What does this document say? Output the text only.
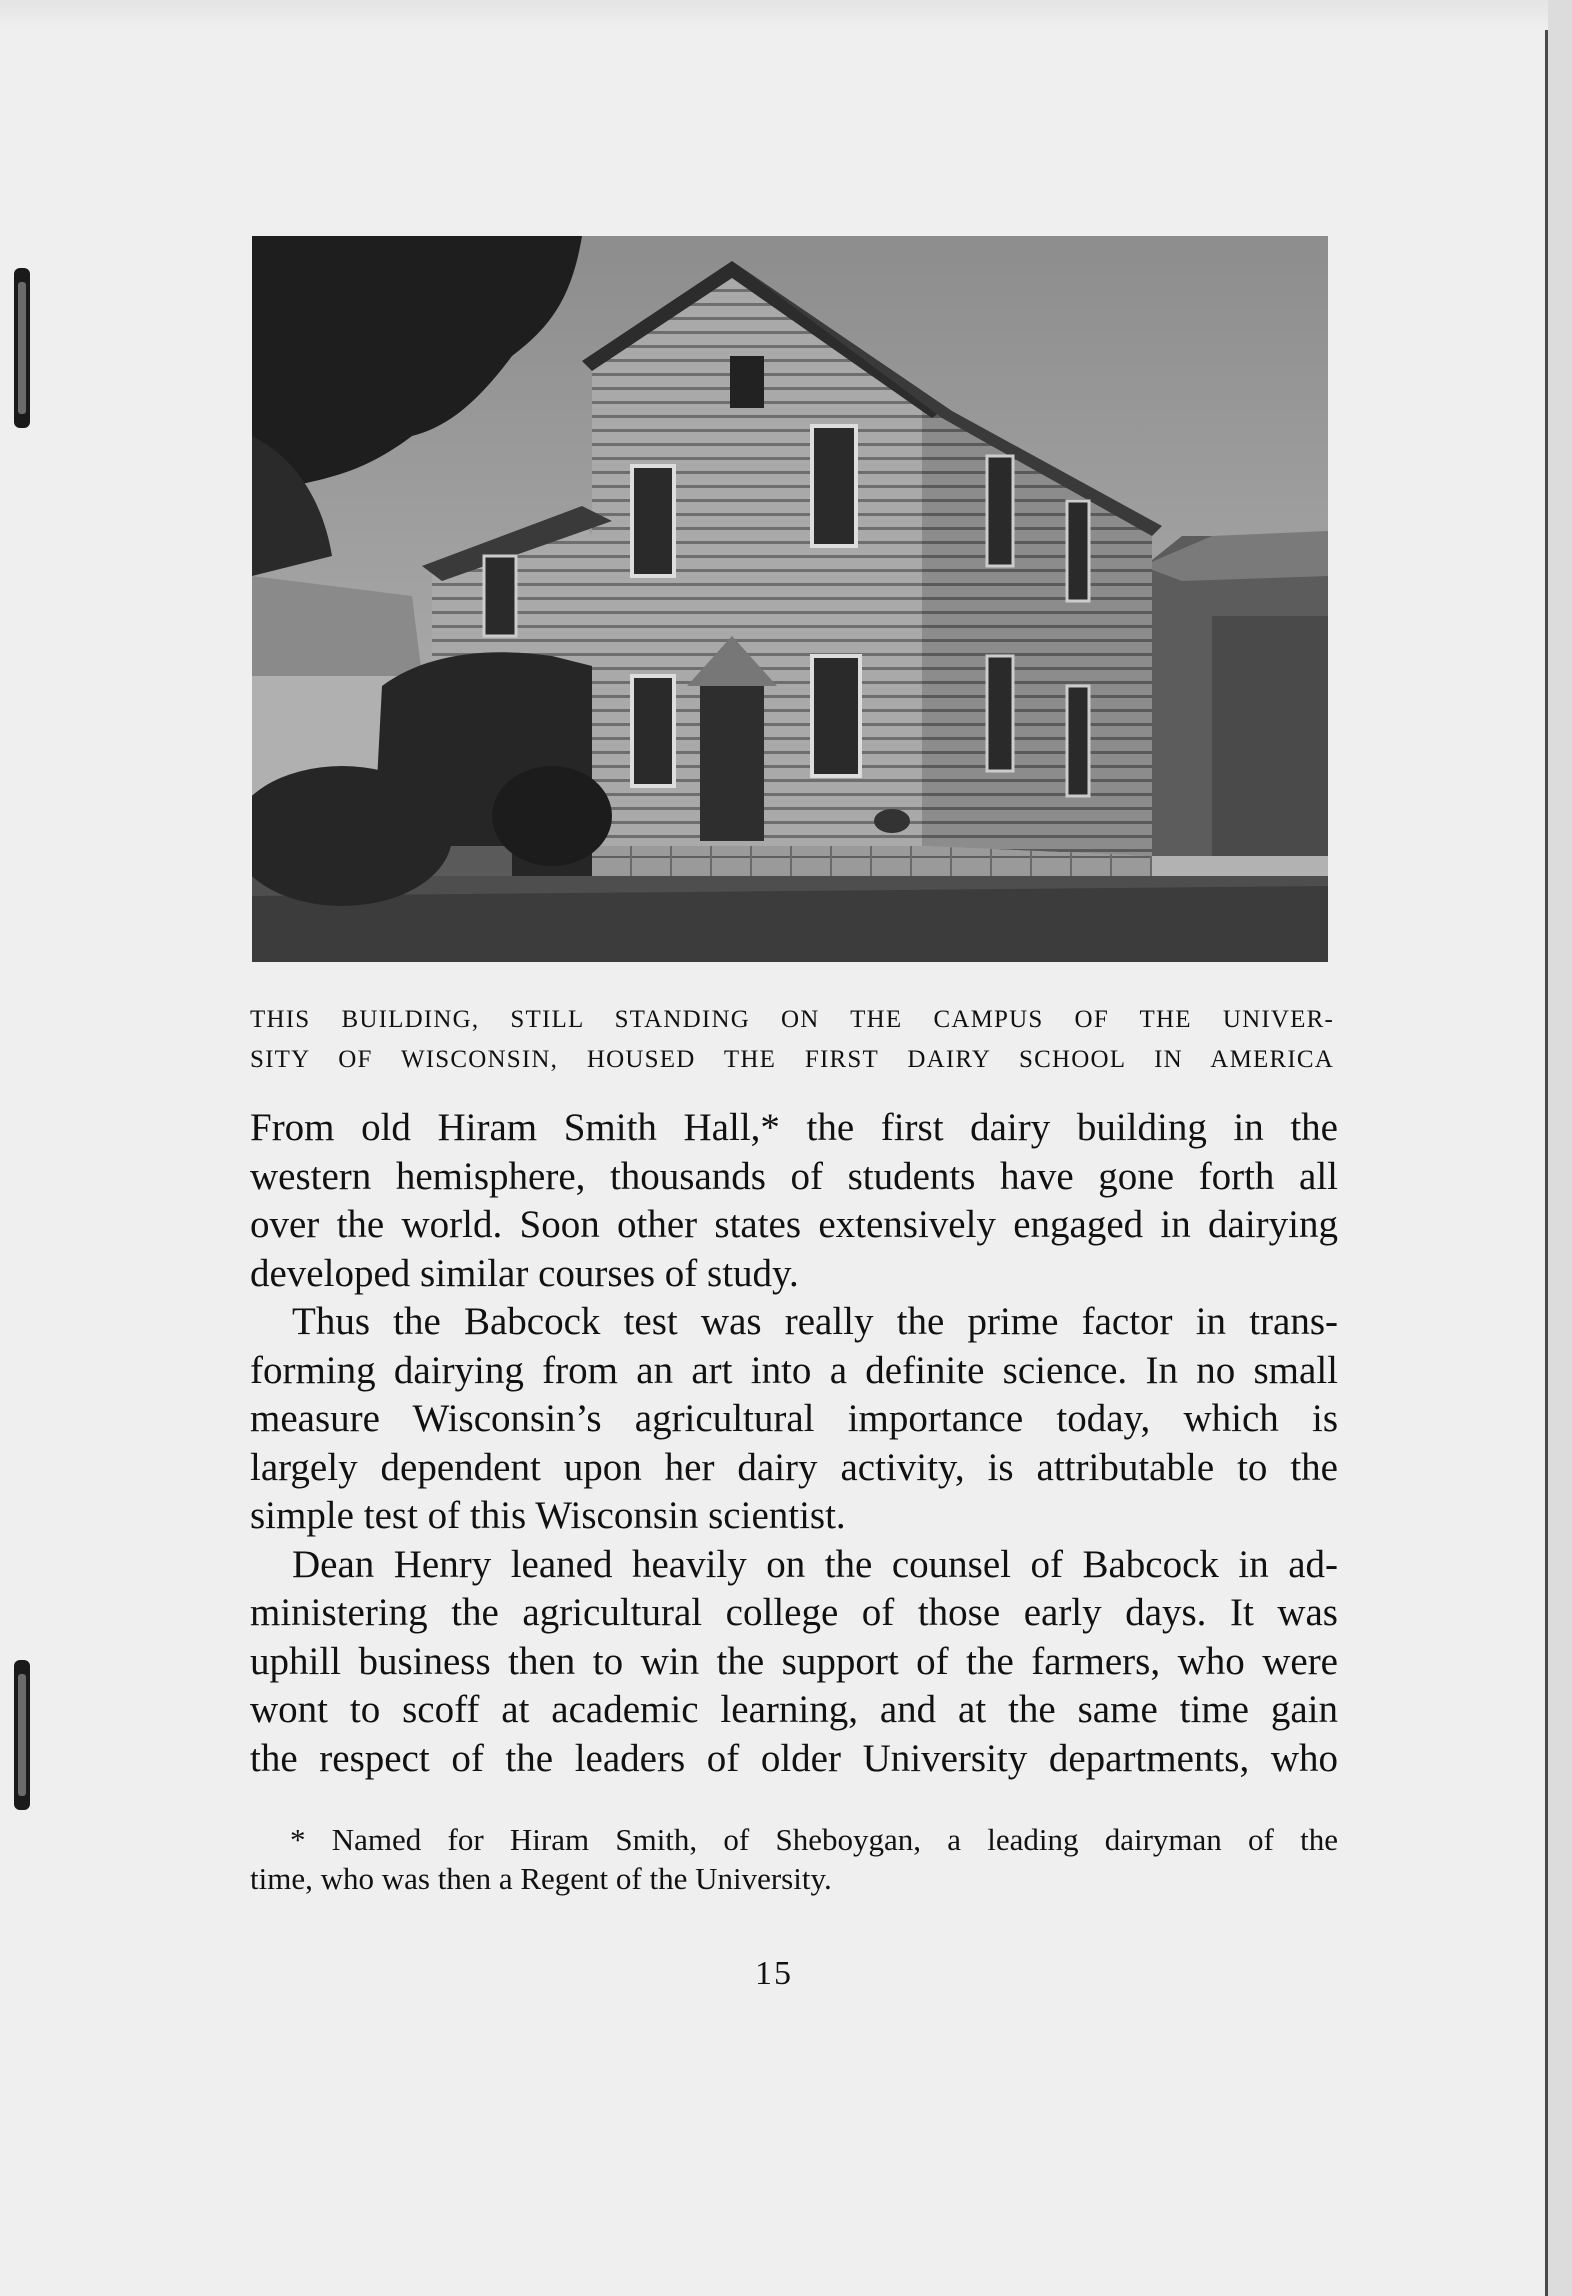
THIS BUILDING, STILL STANDING ON THE CAMPUS OF THE UNIVER-
SITY OF WISCONSIN, HOUSED THE FIRST DAIRY SCHOOL IN AMERICA
From old Hiram Smith Hall,* the first dairy building in the
western hemisphere, thousands of students have gone forth all
over the world. Soon other states extensively engaged in dairying
developed similar courses of study.
Thus the Babcock test was really the prime factor in trans-
forming dairying from an art into a definite science. In no small
measure Wisconsin’s agricultural importance today, which is
largely dependent upon her dairy activity, is attributable to the
simple test of this Wisconsin scientist.
Dean Henry leaned heavily on the counsel of Babcock in ad-
ministering the agricultural college of those early days. It was
uphill business then to win the support of the farmers, who were
wont to scoff at academic learning, and at the same time gain
the respect of the leaders of older University departments, who
* Named for Hiram Smith, of Sheboygan, a leading dairyman of the
time, who was then a Regent of the University.
15
